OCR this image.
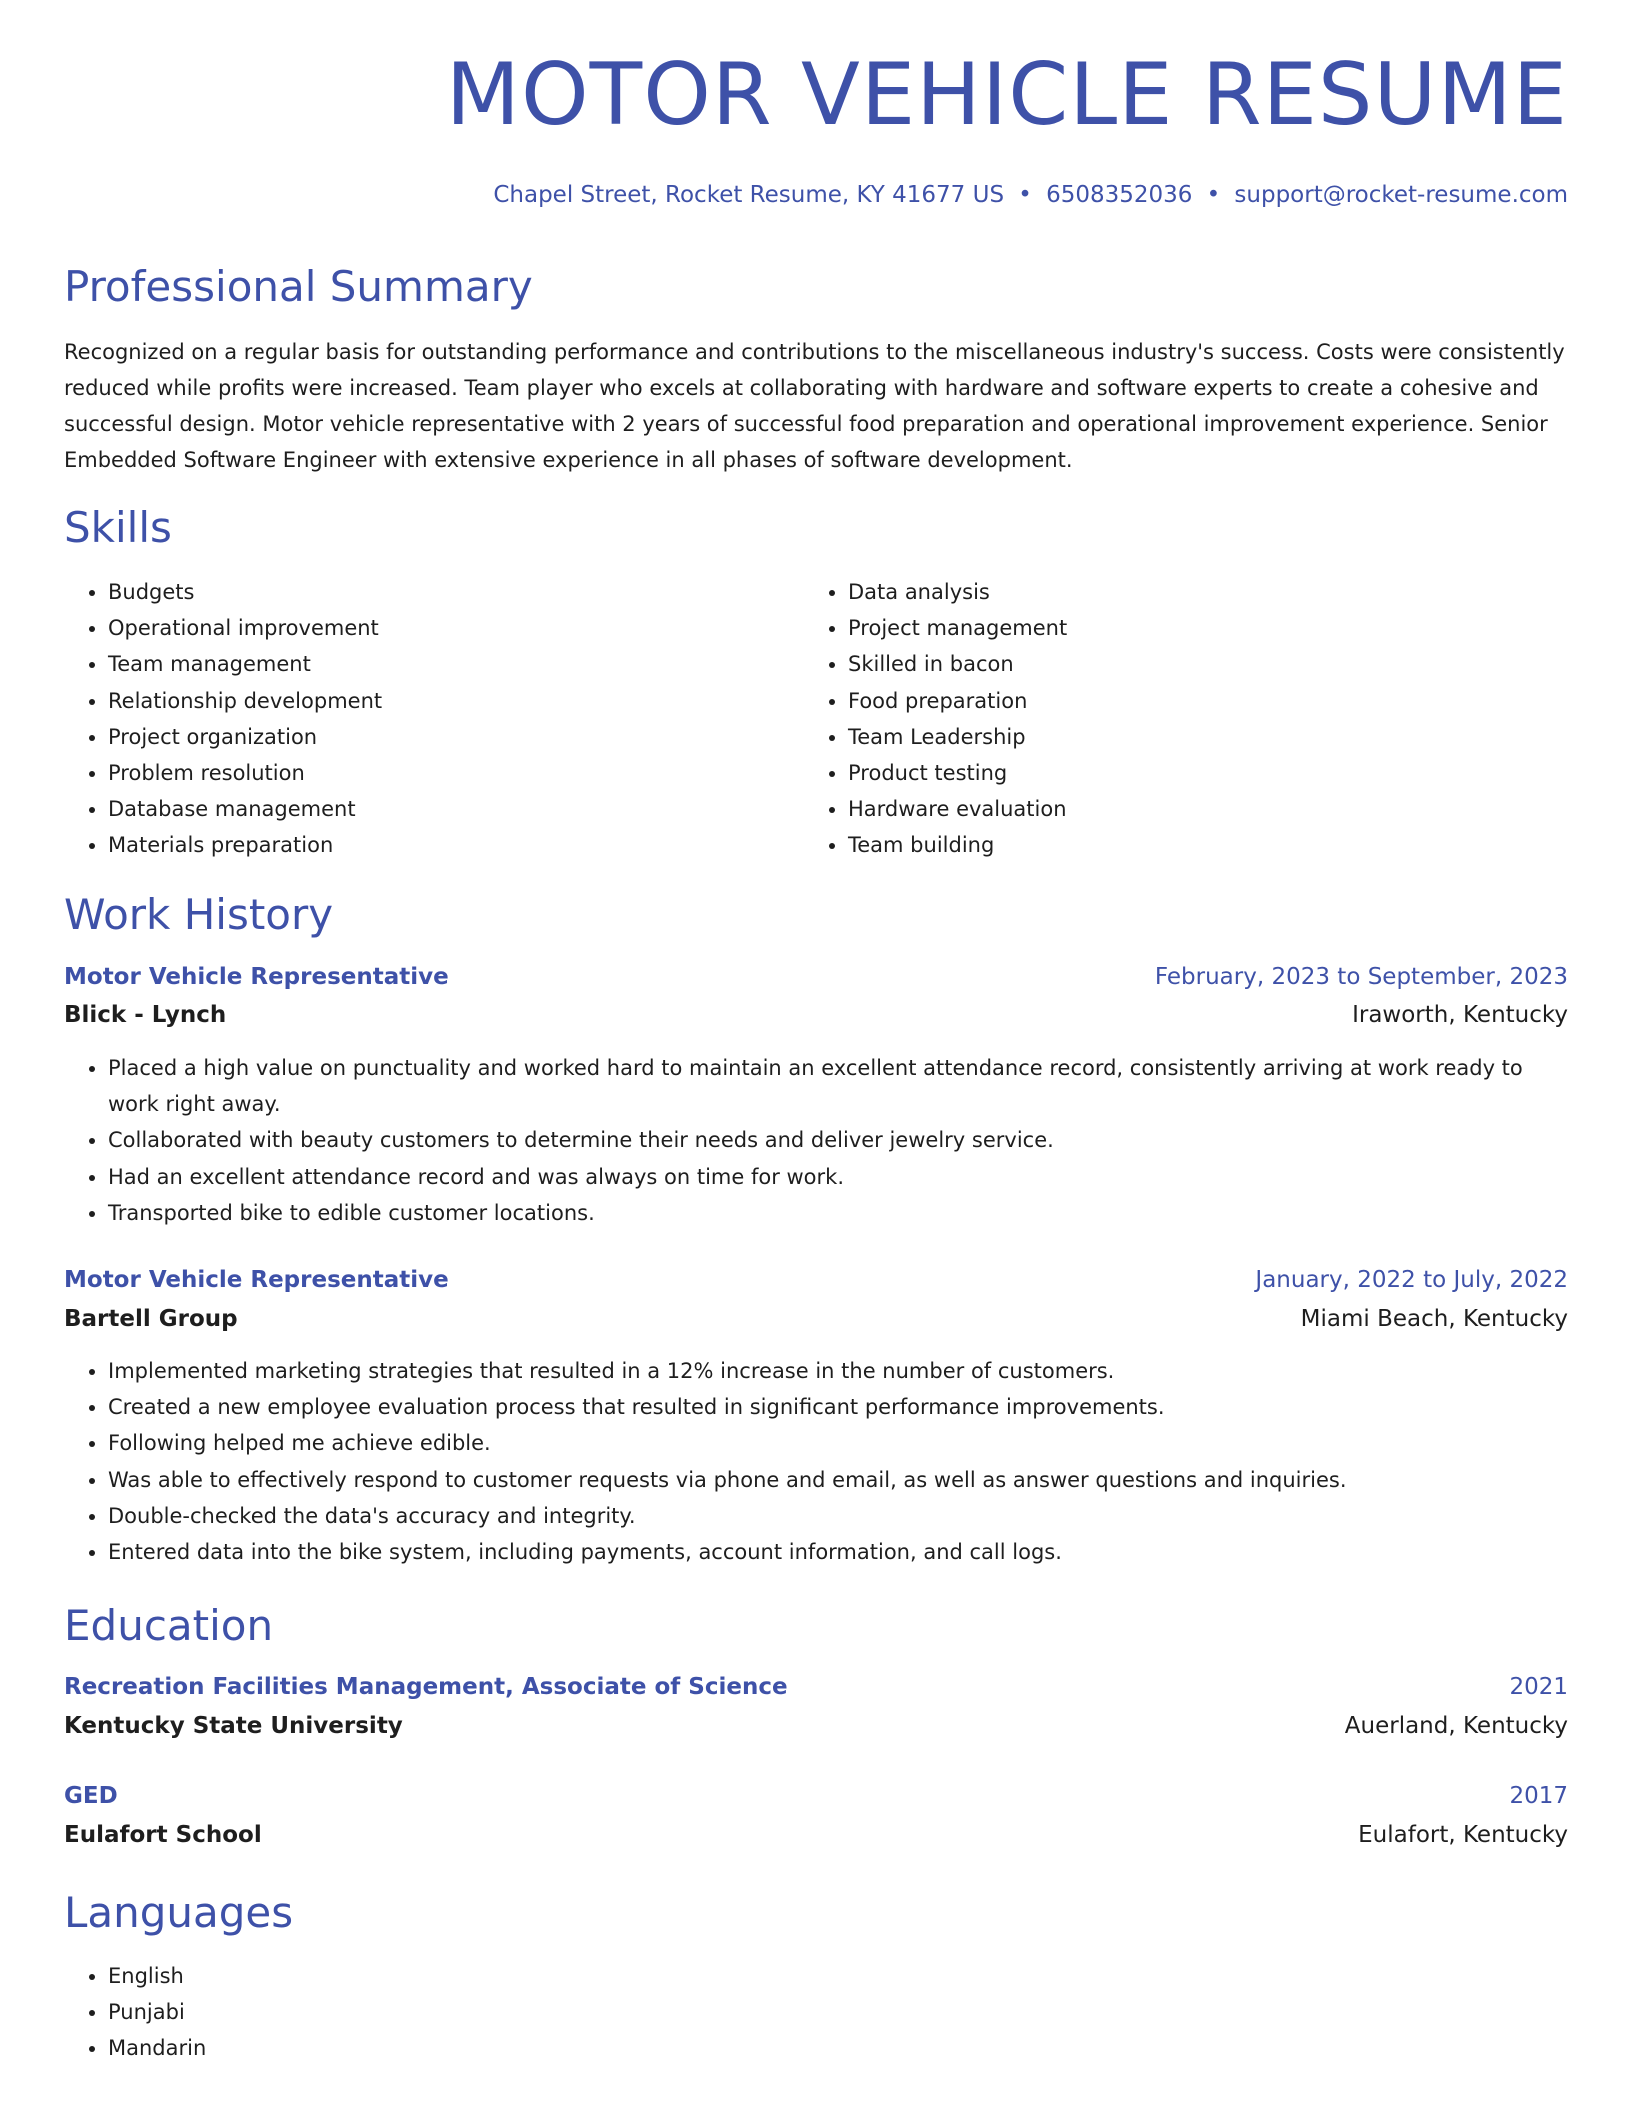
MOTOR VEHICLE RESUME
Chapel Street, Rocket Resume, KY 41677 US • 6508352036 • support@rocket-resume.com
Professional Summary

Recognized on a regular basis for outstanding performance and contributions to the miscellaneous industry's success. Costs were consistently reduced while profits were increased. Team player who excels at collaborating with hardware and software experts to create a cohesive and successful design. Motor vehicle representative with 2 years of successful food preparation and operational improvement experience. Senior Embedded Software Engineer with extensive experience in all phases of software development.

Skills
• Budgets
• Operational improvement
• Team management
• Relationship development
• Project organization
• Problem resolution
• Database management
• Materials preparation
• Data analysis
• Project management
• Skilled in bacon
• Food preparation
• Team Leadership
• Product testing
• Hardware evaluation
• Team building
Work History
Motor Vehicle Representative	February, 2023 to September, 2023
Blick - Lynch	Iraworth, Kentucky
• Placed a high value on punctuality and worked hard to maintain an excellent attendance record, consistently arriving at work ready to work right away.
• Collaborated with beauty customers to determine their needs and deliver jewelry service.
• Had an excellent attendance record and was always on time for work.
• Transported bike to edible customer locations.
Motor Vehicle Representative	January, 2022 to July, 2022
Bartell Group	Miami Beach, Kentucky
• Implemented marketing strategies that resulted in a 12% increase in the number of customers.
• Created a new employee evaluation process that resulted in significant performance improvements.
• Following helped me achieve edible.
• Was able to effectively respond to customer requests via phone and email, as well as answer questions and inquiries.
• Double-checked the data's accuracy and integrity.
• Entered data into the bike system, including payments, account information, and call logs.
Education
Recreation Facilities Management, Associate of Science	2021
Kentucky State University	Auerland, Kentucky
GED	2017
Eulafort School	Eulafort, Kentucky
Languages
• English
• Punjabi
• Mandarin
